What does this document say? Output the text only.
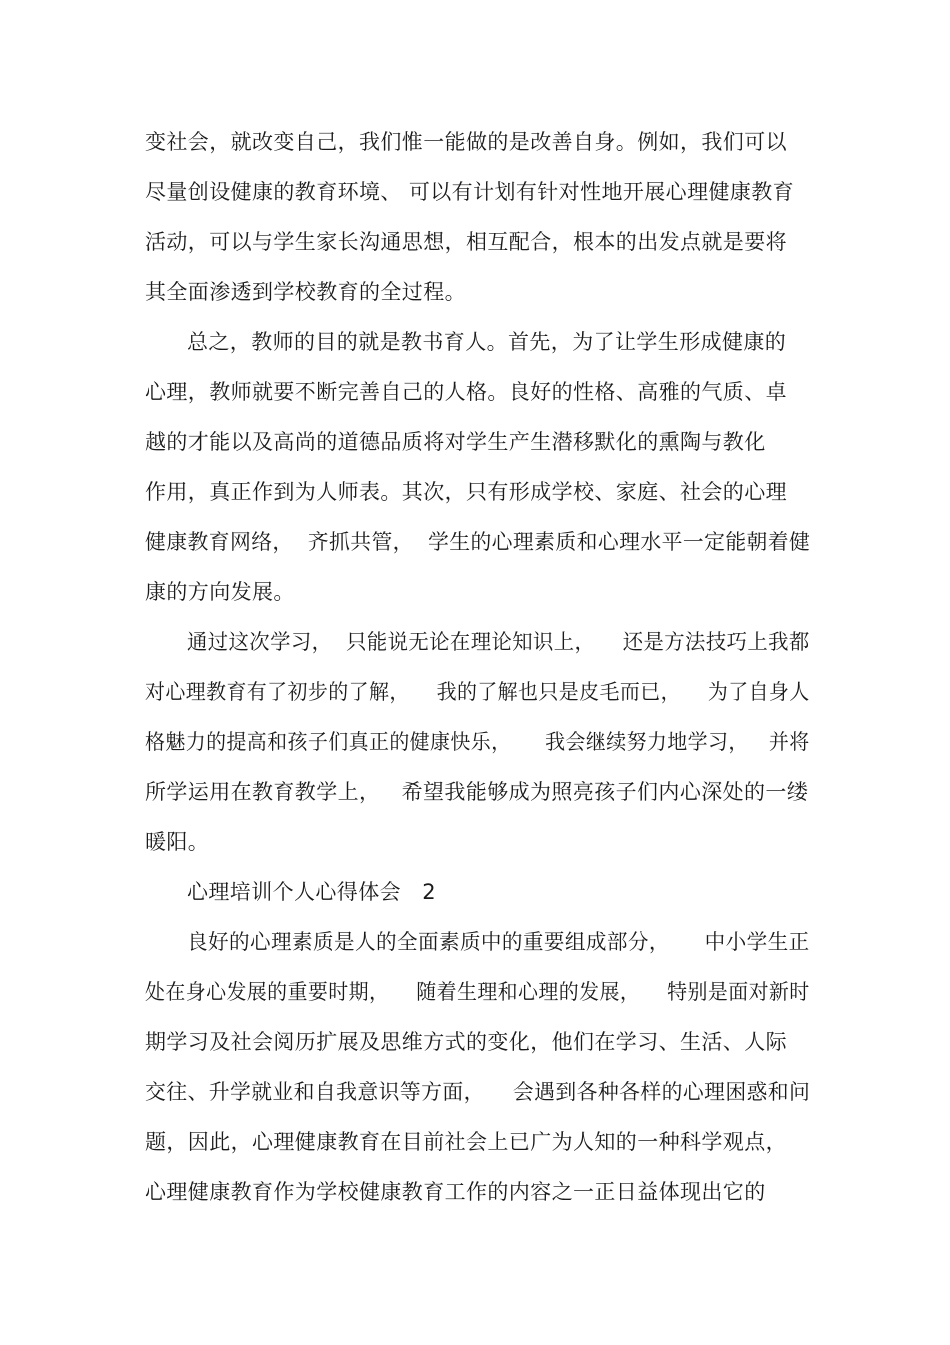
变社会，就改变自己，我们惟一能做的是改善自身。例如，我们可以
尽量创设健康的教育环境、 可以有计划有针对性地开展心理健康教育
活动，可以与学生家长沟通思想，相互配合，根本的出发点就是要将
其全面渗透到学校教育的全过程。
总之，教师的目的就是教书育人。首先，为了让学生形成健康的
心理，教师就要不断完善自己的人格。良好的性格、高雅的气质、卓
越的才能以及高尚的道德品质将对学生产生潜移默化的熏陶与教化
作用，真正作到为人师表。其次，只有形成学校、家庭、社会的心理
健康教育网络，  齐抓共管，  学生的心理素质和心理水平一定能朝着健
康的方向发展。
通过这次学习，  只能说无论在理论知识上，    还是方法技巧上我都
对心理教育有了初步的了解，    我的了解也只是皮毛而已，    为了自身人
格魅力的提高和孩子们真正的健康快乐，     我会继续努力地学习，   并将
所学运用在教育教学上，   希望我能够成为照亮孩子们内心深处的一缕
暖阳。
心理培训个人心得体会   2
良好的心理素质是人的全面素质中的重要组成部分，     中小学生正
处在身心发展的重要时期，    随着生理和心理的发展，    特别是面对新时
期学习及社会阅历扩展及思维方式的变化，他们在学习、生活、人际
交往、升学就业和自我意识等方面，    会遇到各种各样的心理困惑和问
题，因此，心理健康教育在目前社会上已广为人知的一种科学观点，
心理健康教育作为学校健康教育工作的内容之一正日益体现出它的
